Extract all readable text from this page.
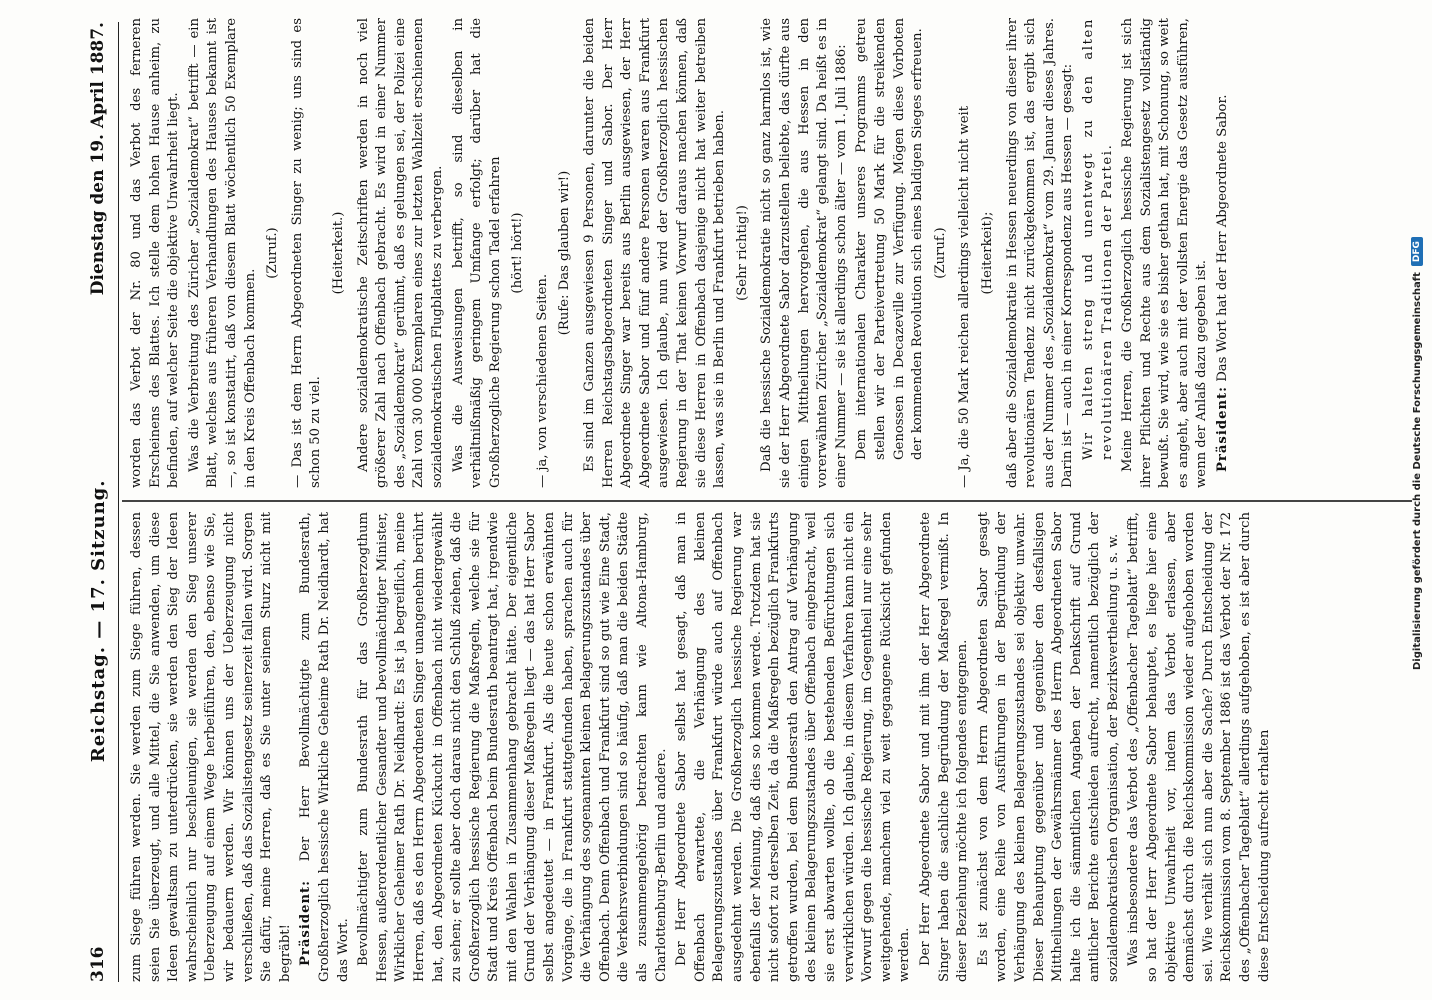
316
Reichstag. — 17. Sitzung.
Dienstag den 19. April 1887.

zum Siege führen werden. Sie werden zum Siege führen, dessen seien Sie überzeugt, und alle Mittel, die Sie anwenden, um diese Ideen gewaltsam zu unterdrücken, sie werden den Sieg der Ideen wahrscheinlich nur beschleunigen, sie werden den Sieg unserer Ueberzeugung auf einem Wege herbeiführen, den, ebenso wie Sie, wir bedauern werden. Wir können uns der Ueberzeugung nicht verschließen, daß das Sozialistengesetz seinerzeit fallen wird. Sorgen Sie dafür, meine Herren, daß es Sie unter seinem Sturz nicht mit begräbt! Präsident: Der Herr Bevollmächtigte zum Bundesrath, Großherzoglich hessische Wirkliche Geheime Rath Dr. Neidhardt, hat das Wort. Bevollmächtigter zum Bundesrath für das Großherzogthum Hessen, außerordentlicher Gesandter und bevollmächtigter Minister, Wirklicher Geheimer Rath Dr. Neidhardt: Es ist ja begreiflich, meine Herren, daß es den Herrn Abgeordneten Singer unangenehm berührt hat, den Abgeordneten Kückucht in Offenbach nicht wiedergewählt zu sehen; er sollte aber doch daraus nicht den Schluß ziehen, daß die Großherzoglich hessische Regierung die Maßregeln, welche sie für Stadt und Kreis Offenbach beim Bundesrath beantragt hat, irgendwie mit den Wahlen in Zusammenhang gebracht hätte. Der eigentliche Grund der Verhängung dieser Maßregeln liegt — das hat Herr Sabor selbst angedeutet — in Frankfurt. Als die heute schon erwähnten Vorgänge, die in Frankfurt stattgefunden haben, sprachen auch für die Verhängung des sogenannten kleinen Belagerungszustandes über Offenbach. Denn Offenbach und Frankfurt sind so gut wie Eine Stadt, die Verkehrsverbindungen sind so häufig, daß man die beiden Städte als zusammengehörig betrachten kann wie Altona-Hamburg, Charlottenburg-Berlin und andere. Der Herr Abgeordnete Sabor selbst hat gesagt, daß man in Offenbach erwartete, die Verhängung des kleinen Belagerungszustandes über Frankfurt würde auch auf Offenbach ausgedehnt werden. Die Großherzoglich hessische Regierung war ebenfalls der Meinung, daß dies so kommen werde. Trotzdem hat sie nicht sofort zu derselben Zeit, da die Maßregeln bezüglich Frankfurts getroffen wurden, bei dem Bundesrath den Antrag auf Verhängung des kleinen Belagerungszustandes über Offenbach eingebracht, weil sie erst abwarten wollte, ob die bestehenden Befürchtungen sich verwirklichen würden. Ich glaube, in diesem Verfahren kann nicht ein Vorwurf gegen die hessische Regierung, im Gegentheil nur eine sehr weitgehende, manchem viel zu weit gegangene Rücksicht gefunden werden. Der Herr Abgeordnete Sabor und mit ihm der Herr Abgeordnete Singer haben die sachliche Begründung der Maßregel vermißt. In dieser Beziehung möchte ich folgendes entgegnen. Es ist zunächst von dem Herrn Abgeordneten Sabor gesagt worden, eine Reihe von Ausführungen in der Begründung der Verhängung des kleinen Belagerungszustandes sei objektiv unwahr. Dieser Behauptung gegenüber und gegenüber den desfallsigen Mittheilungen der Gewährsmänner des Herrn Abgeordneten Sabor halte ich die sämmtlichen Angaben der Denkschrift auf Grund amtlicher Berichte entschieden aufrecht, namentlich bezüglich der sozialdemokratischen Organisation, der Bezirksvertheilung u. s. w. Was insbesondere das Verbot des „Offenbacher Tageblatt“ betrifft, so hat der Herr Abgeordnete Sabor behauptet, es liege hier eine objektive Unwahrheit vor, indem das Verbot erlassen, aber demnächst durch die Reichskommission wieder aufgehoben worden sei. Wie verhält sich nun aber die Sache? Durch Entscheidung der Reichskommission vom 8. September 1886 ist das Verbot der Nr. 172 des „Offenbacher Tageblatt“ allerdings aufgehoben, es ist aber durch diese Entscheidung aufrecht erhalten

worden das Verbot der Nr. 80 und das Verbot des ferneren Erscheinens des Blattes. Ich stelle dem hohen Hause anheim, zu befinden, auf welcher Seite die objektive Unwahrheit liegt. Was die Verbreitung des Züricher „Sozialdemokrat“ betrifft — ein Blatt, welches aus früheren Verhandlungen des Hauses bekannt ist —, so ist konstatirt, daß von diesem Blatt wöchentlich 50 Exemplare in den Kreis Offenbach kommen.

(Zuruf.) — Das ist dem Herrn Abgeordneten Singer zu wenig; uns sind es schon 50 zu viel.

(Heiterkeit.) Andere sozialdemokratische Zeitschriften werden in noch viel größerer Zahl nach Offenbach gebracht. Es wird in einer Nummer des „Sozialdemokrat“ gerühmt, daß es gelungen sei, der Polizei eine Zahl von 30 000 Exemplaren eines zur letzten Wahlzeit erschienenen sozialdemokratischen Flugblattes zu verbergen. Was die Ausweisungen betrifft, so sind dieselben in verhältnißmäßig geringem Umfange erfolgt; darüber hat die Großherzogliche Regierung schon Tadel erfahren (hört! hört!)

— ja, von verschiedenen Seiten.

(Rufe: Das glauben wir!) Es sind im Ganzen ausgewiesen 9 Personen, darunter die beiden Herren Reichstagsabgeordneten Singer und Sabor. Der Herr Abgeordnete Singer war bereits aus Berlin ausgewiesen, der Herr Abgeordnete Sabor und fünf andere Personen waren aus Frankfurt ausgewiesen. Ich glaube, nun wird der Großherzoglich hessischen Regierung in der That keinen Vorwurf daraus machen können, daß sie diese Herren in Offenbach dasjenige nicht hat weiter betreiben lassen, was sie in Berlin und Frankfurt betrieben haben. (Sehr richtig!) Daß die hessische Sozialdemokratie nicht so ganz harmlos ist, wie sie der Herr Abgeordnete Sabor darzustellen beliebte, das dürfte aus einigen Mittheilungen hervorgehen, die aus Hessen in den vorerwähnten Züricher „Sozialdemokrat“ gelangt sind. Da heißt es in einer Nummer — sie ist allerdings schon älter — vom 1. Juli 1886: Dem internationalen Charakter unseres Programms getreu stellen wir der Parteivertretung 50 Mark für die streikenden Genossen in Decazeville zur Verfügung. Mögen diese Vorboten der kommenden Revolution sich eines baldigen Sieges erfreuen. (Zuruf.) — Ja, die 50 Mark reichen allerdings vielleicht nicht weit (Heiterkeit); daß aber die Sozialdemokratie in Hessen neuerdings von dieser ihrer revolutionären Tendenz nicht zurückgekommen ist, das ergibt sich aus der Nummer des „Sozialdemokrat“ vom 29. Januar dieses Jahres. Darin ist — auch in einer Korrespondenz aus Hessen — gesagt: Wir halten streng und unentwegt zu den alten revolutionären Traditionen der Partei. Meine Herren, die Großherzoglich hessische Regierung ist sich ihrer Pflichten und Rechte aus dem Sozialistengesetz vollständig bewußt. Sie wird, wie sie es bisher gethan hat, mit Schonung, so weit es angeht, aber auch mit der vollsten Energie das Gesetz ausführen, wenn der Anlaß dazu gegeben ist. Präsident: Das Wort hat der Herr Abgeordnete Sabor.

Digitalisierung gefördert durch die Deutsche Forschungsgemeinschaft
DFG
